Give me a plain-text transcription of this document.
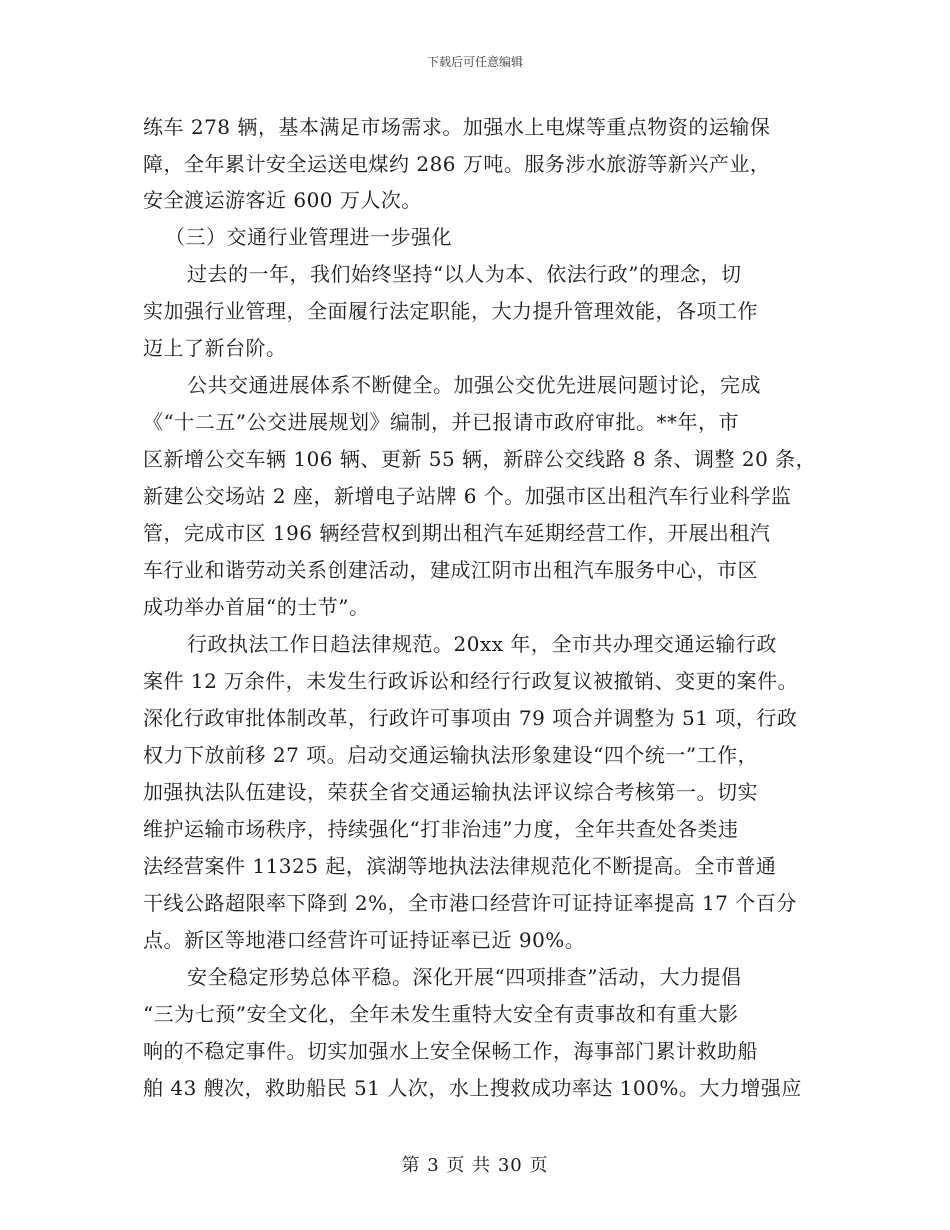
下载后可任意编辑
练车 278 辆，基本满足市场需求。加强水上电煤等重点物资的运输保
障，全年累计安全运送电煤约 286 万吨。服务涉水旅游等新兴产业，
安全渡运游客近 600 万人次。
（三）交通行业管理进一步强化
过去的一年，我们始终坚持“以人为本、依法行政”的理念，切
实加强行业管理，全面履行法定职能，大力提升管理效能，各项工作
迈上了新台阶。
公共交通进展体系不断健全。加强公交优先进展问题讨论，完成
《“十二五”公交进展规划》编制，并已报请市政府审批。**年，市
区新增公交车辆 106 辆、更新 55 辆，新辟公交线路 8 条、调整 20 条，
新建公交场站 2 座，新增电子站牌 6 个。加强市区出租汽车行业科学监
管，完成市区 196 辆经营权到期出租汽车延期经营工作，开展出租汽
车行业和谐劳动关系创建活动，建成江阴市出租汽车服务中心，市区
成功举办首届“的士节”。
行政执法工作日趋法律规范。20xx 年，全市共办理交通运输行政
案件 12 万余件，未发生行政诉讼和经行行政复议被撤销、变更的案件。
深化行政审批体制改革，行政许可事项由 79 项合并调整为 51 项，行政
权力下放前移 27 项。启动交通运输执法形象建设“四个统一”工作，
加强执法队伍建设，荣获全省交通运输执法评议综合考核第一。切实
维护运输市场秩序，持续强化“打非治违”力度，全年共查处各类违
法经营案件 11325 起，滨湖等地执法法律规范化不断提高。全市普通
干线公路超限率下降到 2%，全市港口经营许可证持证率提高 17 个百分
点。新区等地港口经营许可证持证率已近 90%。
安全稳定形势总体平稳。深化开展“四项排查”活动，大力提倡
“三为七预”安全文化，全年未发生重特大安全有责事故和有重大影
响的不稳定事件。切实加强水上安全保畅工作，海事部门累计救助船
舶 43 艘次，救助船民 51 人次，水上搜救成功率达 100%。大力增强应
第 3 页 共 30 页
